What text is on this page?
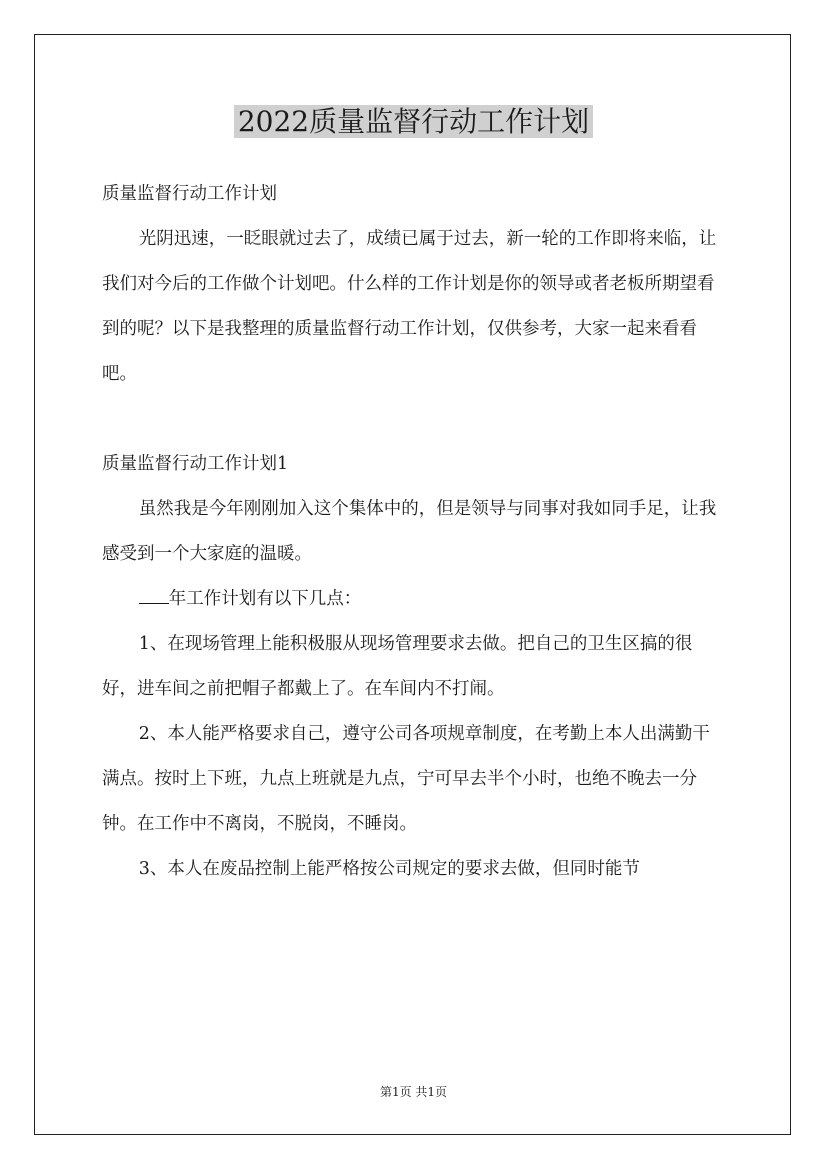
2022质量监督行动工作计划

质量监督行动工作计划

光阴迅速，一眨眼就过去了，成绩已属于过去，新一轮的工作即将来临，让我们对今后的工作做个计划吧。什么样的工作计划是你的领导或者老板所期望看到的呢？以下是我整理的质量监督行动工作计划，仅供参考，大家一起来看看吧。

质量监督行动工作计划1

虽然我是今年刚刚加入这个集体中的，但是领导与同事对我如同手足，让我感受到一个大家庭的温暖。

年工作计划有以下几点：

1、在现场管理上能积极服从现场管理要求去做。把自己的卫生区搞的很好，进车间之前把帽子都戴上了。在车间内不打闹。

2、本人能严格要求自己，遵守公司各项规章制度，在考勤上本人出满勤干满点。按时上下班，九点上班就是九点，宁可早去半个小时，也绝不晚去一分钟。在工作中不离岗，不脱岗，不睡岗。

3、本人在废品控制上能严格按公司规定的要求去做，但同时能节

第1页 共1页
